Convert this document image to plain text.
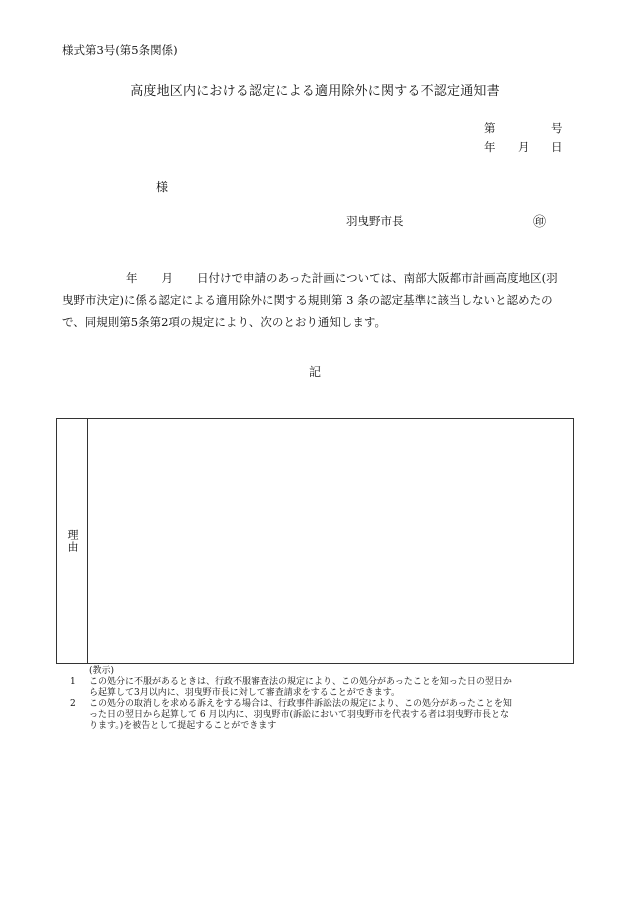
様式第3号(第5条関係)
高度地区内における認定による適用除外に関する不認定通知書
第	号
年 月 日
様
羽曳野市長	㊞
年 月 日付けで申請のあった計画については、南部大阪都市計画高度地区(羽
曳野市決定)に係る認定による適用除外に関する規則第 3 条の認定基準に該当しないと認めたの
で、同規則第5条第2項の規定により、次のとおり通知します。
記
理由
(教示)
1 この処分に不服があるときは、行政不服審査法の規定により、この処分があったことを知った日の翌日か
ら起算して3月以内に、羽曳野市長に対して審査請求をすることができます。
2 この処分の取消しを求める訴えをする場合は、行政事件訴訟法の規定により、この処分があったことを知
った日の翌日から起算して 6 月以内に、羽曳野市(訴訟において羽曳野市を代表する者は羽曳野市長とな
ります。)を被告として提起することができます
